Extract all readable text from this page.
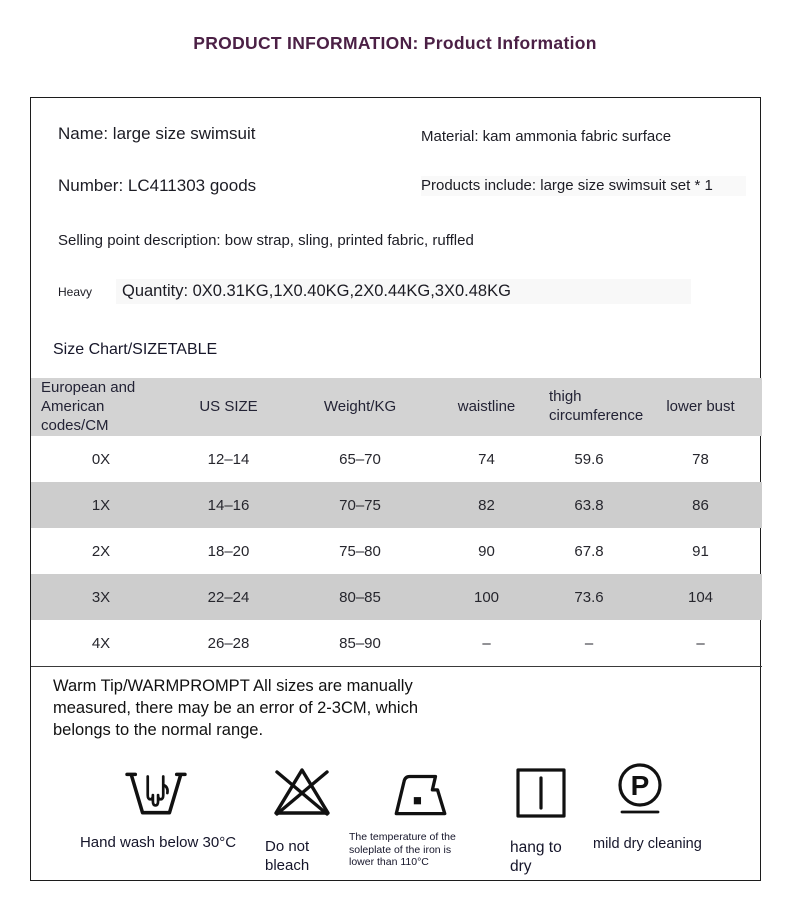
PRODUCT INFORMATION: Product Information
Name: large size swimsuit	Material: kam ammonia fabric surface
Number: LC411303 goods	Products include: large size swimsuit set * 1
Selling point description: bow strap, sling, printed fabric, ruffled
Heavy	Quantity: 0X0.31KG,1X0.40KG,2X0.44KG,3X0.48KG
Size Chart/SIZETABLE
European and American codes/CM	US SIZE	Weight/KG	waistline	thigh circumference	lower bust
0X	12–14	65–70	74	59.6	78
1X	14–16	70–75	82	63.8	86
2X	18–20	75–80	90	67.8	91
3X	22–24	80–85	100	73.6	104
4X	26–28	85–90	–	–	–
Warm Tip/WARMPROMPT All sizes are manually measured, there may be an error of 2-3CM, which belongs to the normal range.
P
Hand wash below 30°C	Do not bleach
The temperature of the soleplate of the iron is lower than 110°C
hang to dry
mild dry cleaning
